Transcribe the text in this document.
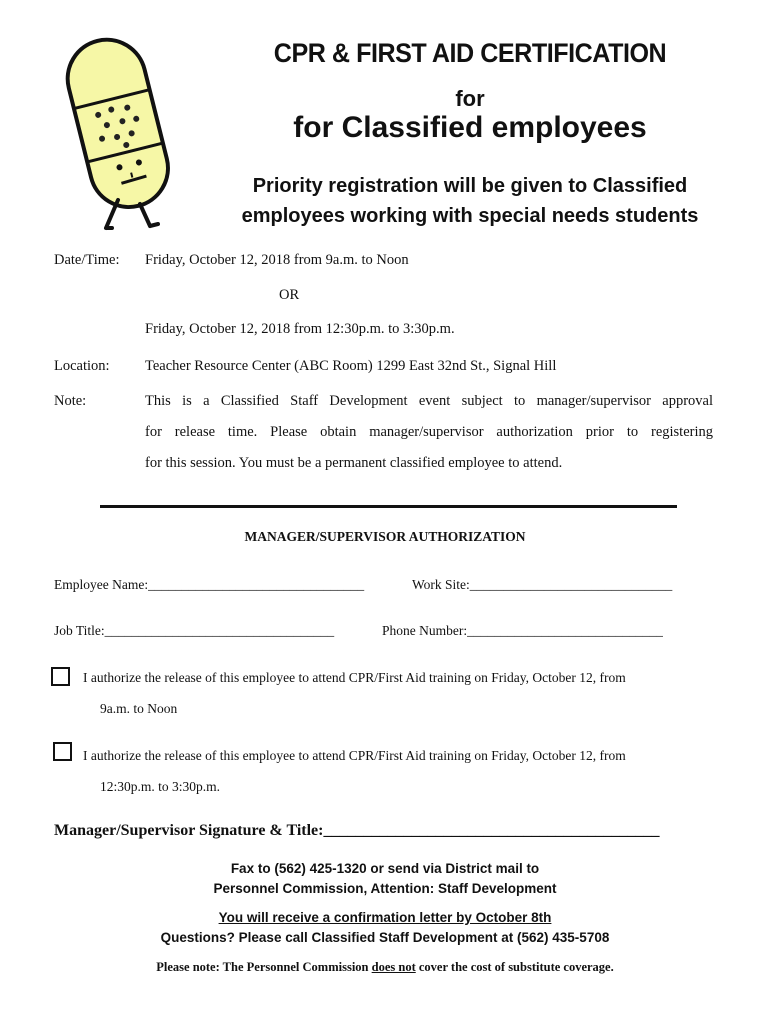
CPR & FIRST AID CERTIFICATION
for
for Classified employees
Priority registration will be given to Classified
employees working with special needs students
Date/Time: Friday, October 12, 2018 from 9a.m. to Noon
OR
Friday, October 12, 2018 from 12:30p.m. to 3:30p.m.
Location: Teacher Resource Center (ABC Room) 1299 East 32nd St., Signal Hill
Note:	This is a Classified Staff Development event subject to manager/supervisor approval
for release time. Please obtain manager/supervisor authorization prior to registering
for this session. You must be a permanent classified employee to attend.
MANAGER/SUPERVISOR AUTHORIZATION
Employee Name:________________________________	Work Site:______________________________
Job Title:__________________________________	Phone Number:_____________________________
I authorize the release of this employee to attend CPR/First Aid training on Friday, October 12, from
9a.m. to Noon
I authorize the release of this employee to attend CPR/First Aid training on Friday, October 12, from
12:30p.m. to 3:30p.m.
Manager/Supervisor Signature & Title:__________________________________________
Fax to (562) 425-1320 or send via District mail to
Personnel Commission, Attention: Staff Development
You will receive a confirmation letter by October 8th
Questions? Please call Classified Staff Development at (562) 435-5708
Please note: The Personnel Commission does not cover the cost of substitute coverage.
